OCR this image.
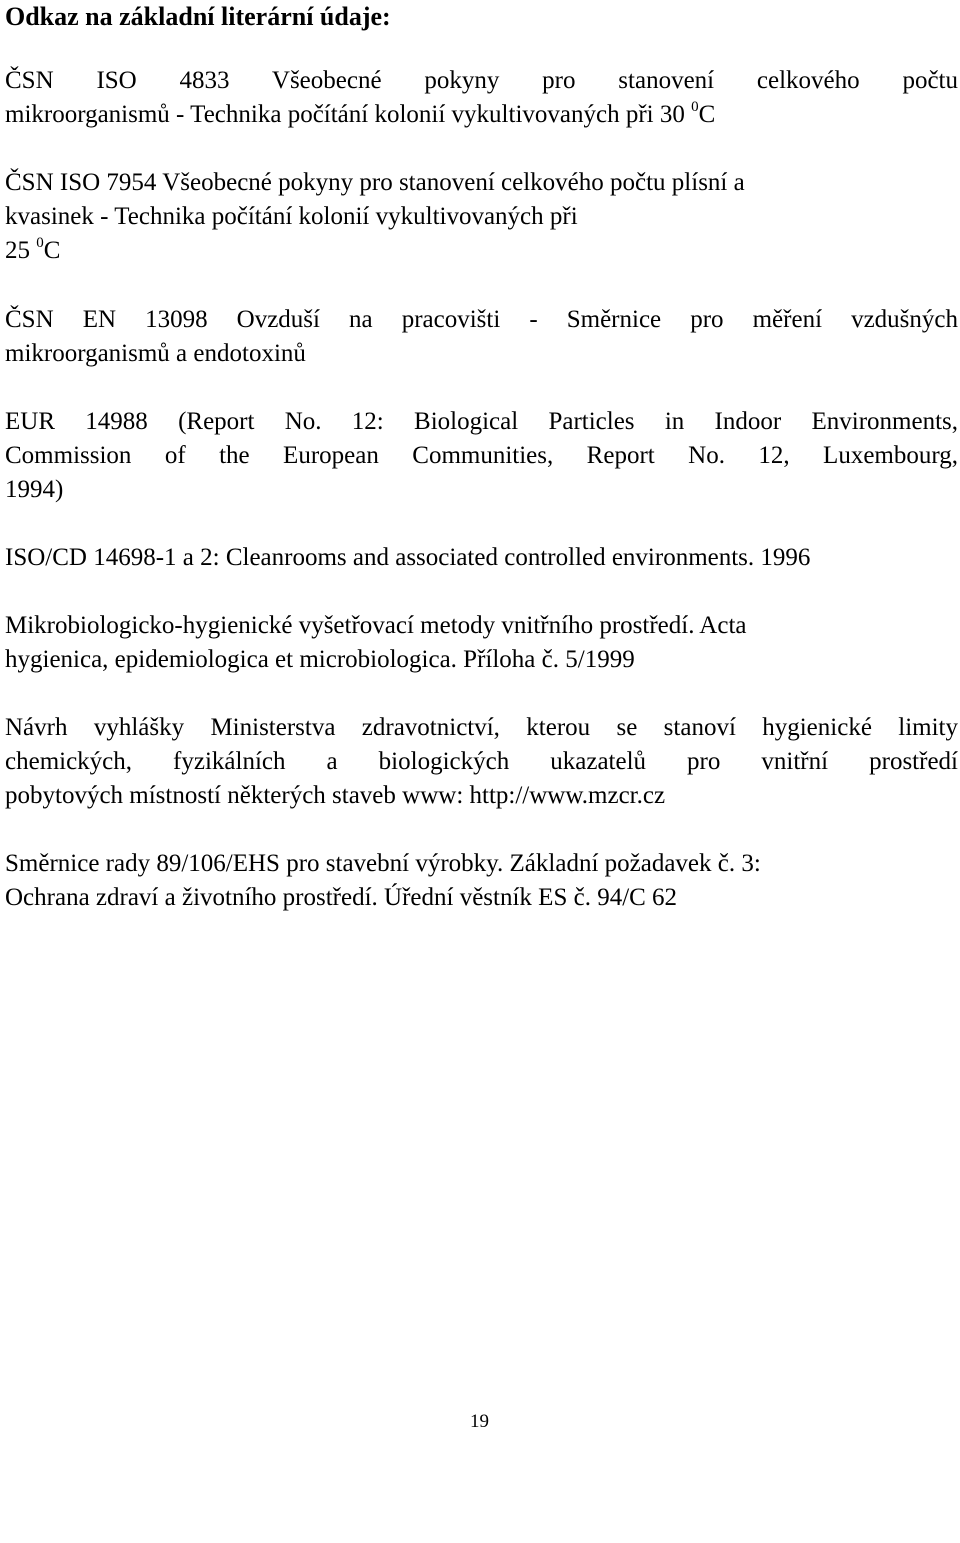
Odkaz na základní literární údaje:
ČSN ISO 4833 Všeobecné pokyny pro stanovení celkového počtu
mikroorganismů - Technika počítání kolonií vykultivovaných při 30 $^0$C
ČSN ISO 7954 Všeobecné pokyny pro stanovení celkového počtu plísní a
kvasinek - Technika počítání kolonií vykultivovaných při
25 $^0$C
ČSN EN 13098 Ovzduší na pracovišti - Směrnice pro měření vzdušných
mikroorganismů a endotoxinů
EUR 14988 (Report No. 12: Biological Particles in Indoor Environments,
Commission of the European Communities, Report No. 12, Luxembourg,
1994)
ISO/CD 14698-1 a 2: Cleanrooms and associated controlled environments. 1996
Mikrobiologicko-hygienické vyšetřovací metody vnitřního prostředí. Acta
hygienica, epidemiologica et microbiologica. Příloha č. 5/1999
Návrh vyhlášky Ministerstva zdravotnictví, kterou se stanoví hygienické limity
chemických, fyzikálních a biologických ukazatelů pro vnitřní prostředí
pobytových místností některých staveb www: http://www.mzcr.cz
Směrnice rady 89/106/EHS pro stavební výrobky. Základní požadavek č. 3:
Ochrana zdraví a životního prostředí. Úřední věstník ES č. 94/C 62
19
